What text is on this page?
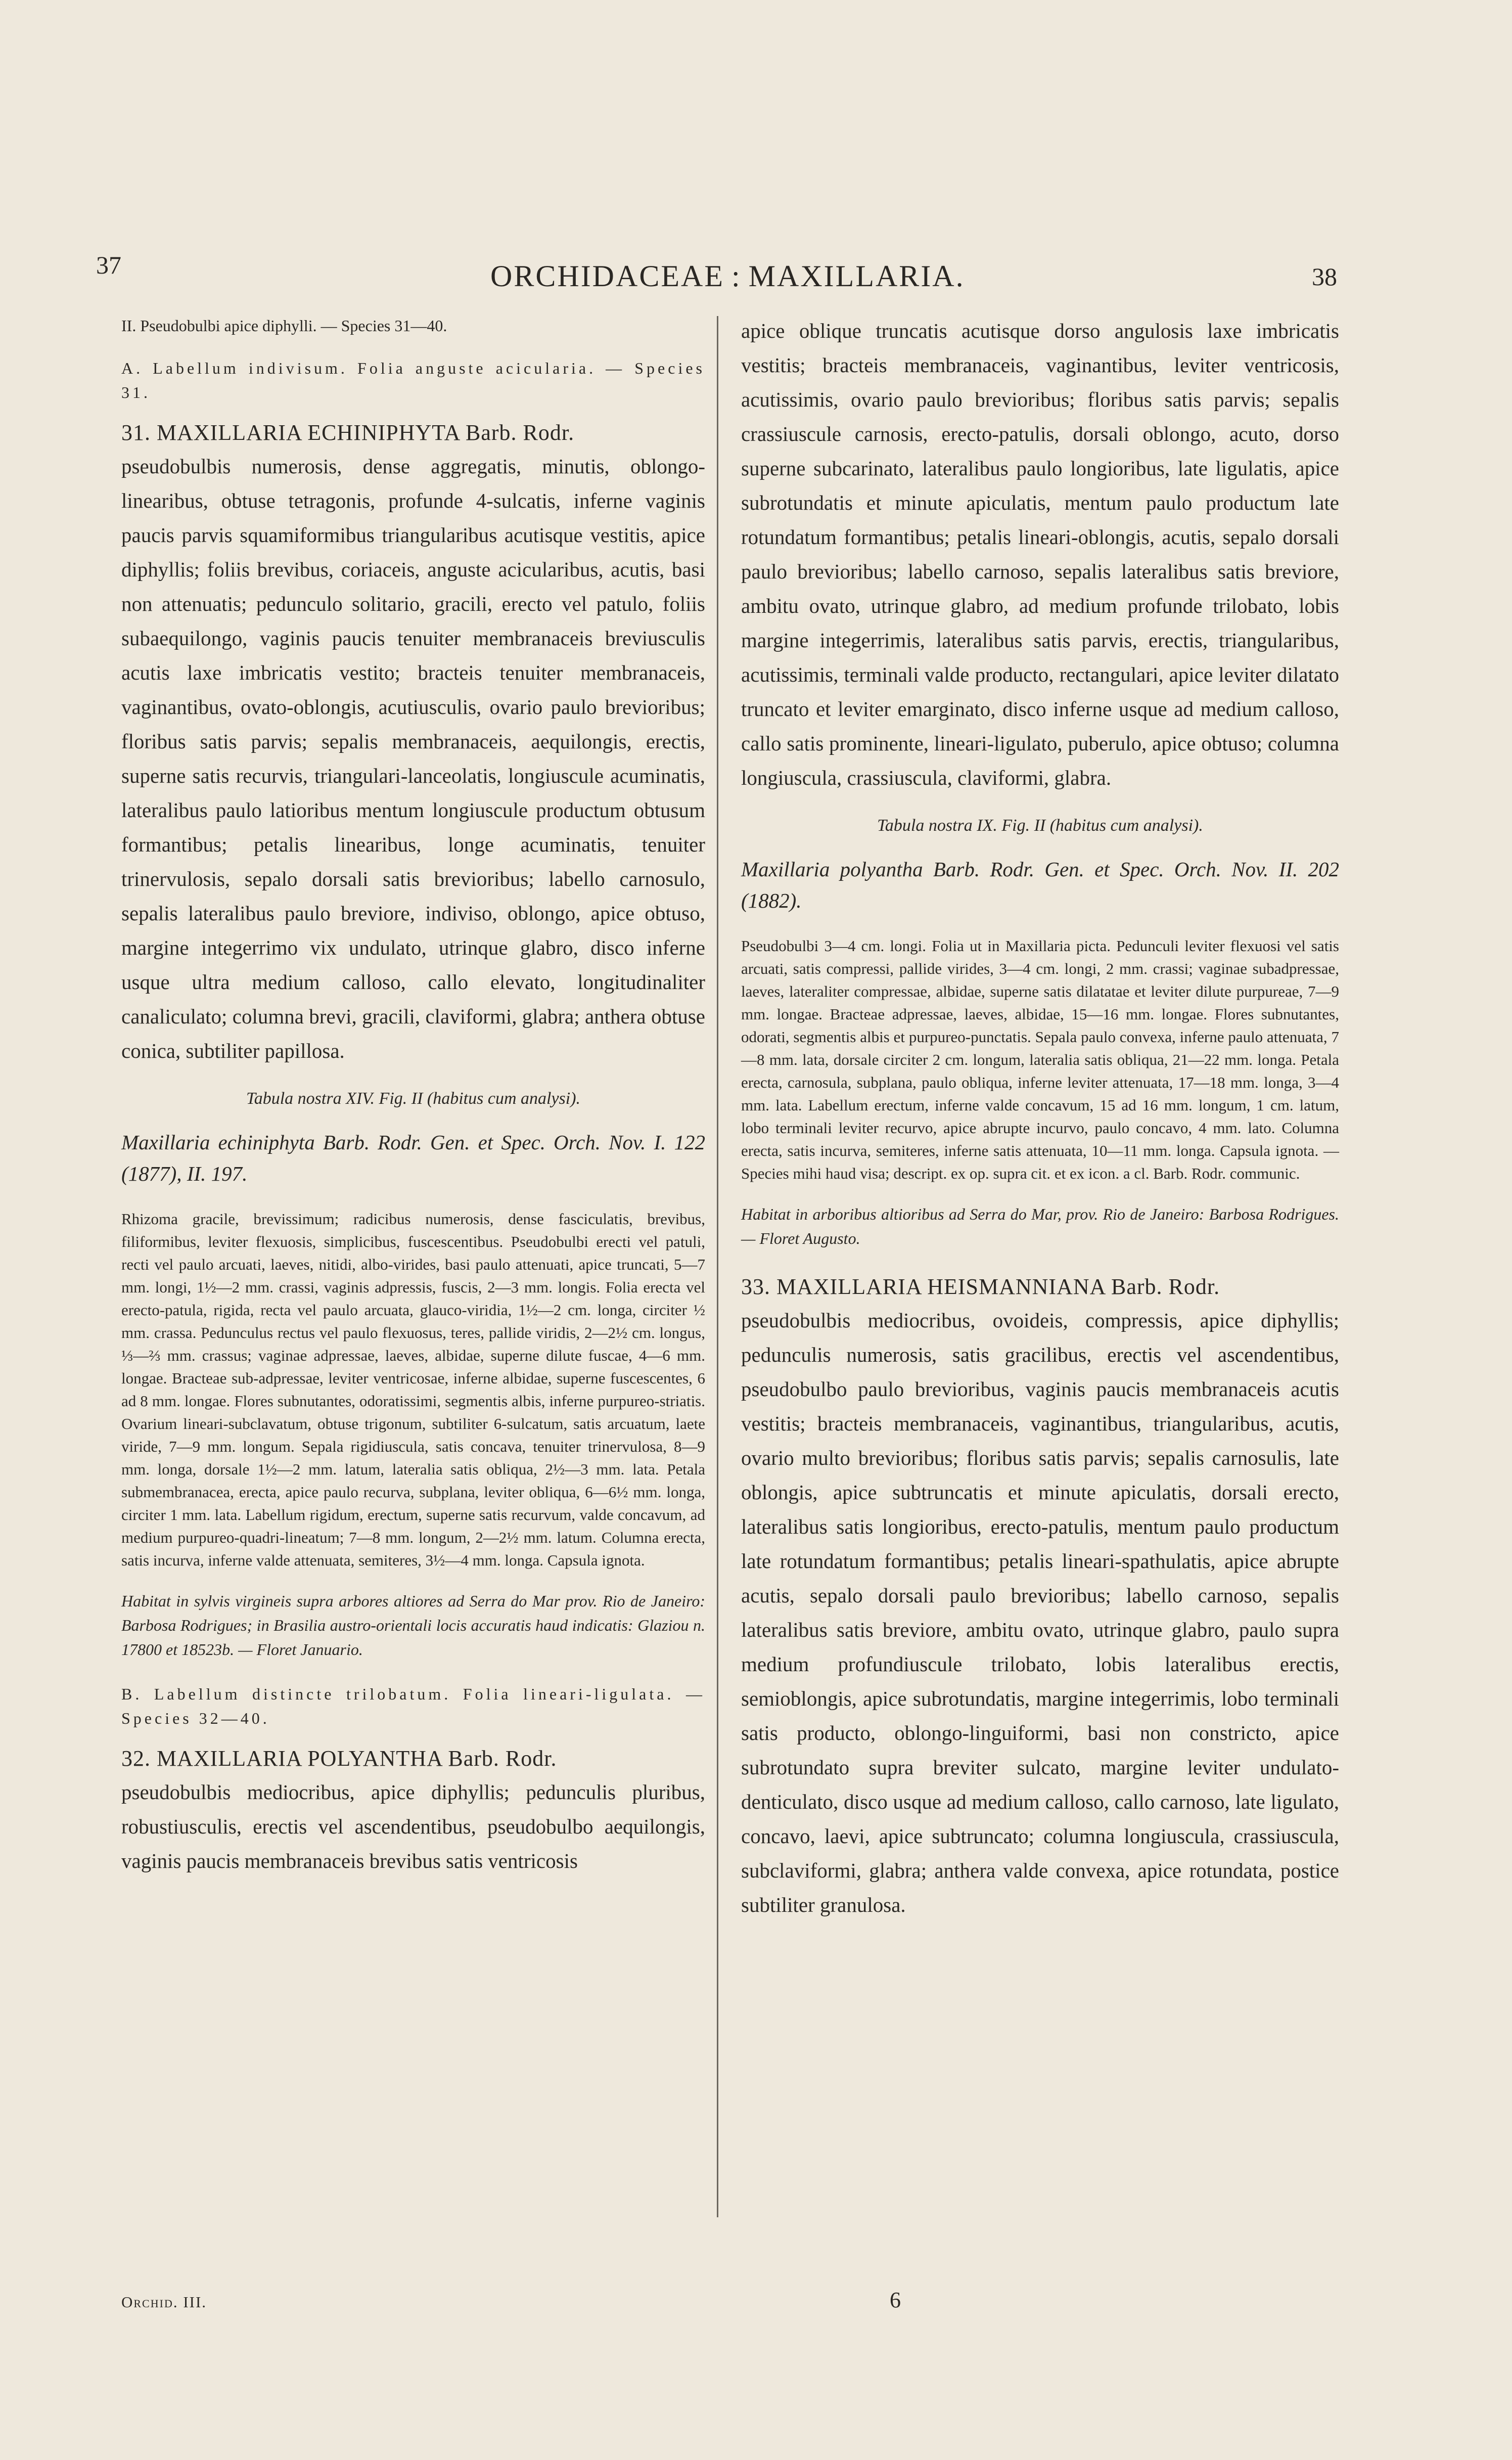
37	ORCHIDACEAE : MAXILLARIA.	38

II. Pseudobulbi apice diphylli. — Species 31—40.

A. Labellum indivisum. Folia anguste acicularia. — Species 31.

31. MAXILLARIA ECHINIPHYTA Barb. Rodr.

pseudobulbis numerosis, dense aggregatis, minutis, oblongo-linearibus, obtuse tetragonis, profunde 4-sulcatis, inferne vaginis paucis parvis squamiformibus triangularibus acutisque vestitis, apice diphyllis; foliis brevibus, coriaceis, anguste acicularibus, acutis, basi non attenuatis; pedunculo solitario, gracili, erecto vel patulo, foliis subaequilongo, vaginis paucis tenuiter membranaceis breviusculis acutis laxe imbricatis vestito; bracteis tenuiter membranaceis, vaginantibus, ovato-oblongis, acutiusculis, ovario paulo brevioribus; floribus satis parvis; sepalis membranaceis, aequilongis, erectis, superne satis recurvis, triangulari-lanceolatis, longiuscule acuminatis, lateralibus paulo latioribus mentum longiuscule productum obtusum formantibus; petalis linearibus, longe acuminatis, tenuiter trinervulosis, sepalo dorsali satis brevioribus; labello carnosulo, sepalis lateralibus paulo breviore, indiviso, oblongo, apice obtuso, margine integerrimo vix undulato, utrinque glabro, disco inferne usque ultra medium calloso, callo elevato, longitudinaliter canaliculato; columna brevi, gracili, claviformi, glabra; anthera obtuse conica, subtiliter papillosa.

Tabula nostra XIV. Fig. II (habitus cum analysi).

Maxillaria echiniphyta Barb. Rodr. Gen. et Spec. Orch. Nov. I. 122 (1877), II. 197.

Rhizoma gracile, brevissimum; radicibus numerosis, dense fasciculatis, brevibus, filiformibus, leviter flexuosis, simplicibus, fuscescentibus. Pseudobulbi erecti vel patuli, recti vel paulo arcuati, laeves, nitidi, albo-virides, basi paulo attenuati, apice truncati, 5—7 mm. longi, 1½—2 mm. crassi, vaginis adpressis, fuscis, 2—3 mm. longis. Folia erecta vel erecto-patula, rigida, recta vel paulo arcuata, glauco-viridia, 1½—2 cm. longa, circiter ½ mm. crassa. Pedunculus rectus vel paulo flexuosus, teres, pallide viridis, 2—2½ cm. longus, ⅓—⅔ mm. crassus; vaginae adpressae, laeves, albidae, superne dilute fuscae, 4—6 mm. longae. Bracteae sub-adpressae, leviter ventricosae, inferne albidae, superne fuscescentes, 6 ad 8 mm. longae. Flores subnutantes, odoratissimi, segmentis albis, inferne purpureo-striatis. Ovarium lineari-subclavatum, obtuse trigonum, subtiliter 6-sulcatum, satis arcuatum, laete viride, 7—9 mm. longum. Sepala rigidiuscula, satis concava, tenuiter trinervulosa, 8—9 mm. longa, dorsale 1½—2 mm. latum, lateralia satis obliqua, 2½—3 mm. lata. Petala submembranacea, erecta, apice paulo recurva, subplana, leviter obliqua, 6—6½ mm. longa, circiter 1 mm. lata. Labellum rigidum, erectum, superne satis recurvum, valde concavum, ad medium purpureo-quadri-lineatum; 7—8 mm. longum, 2—2½ mm. latum. Columna erecta, satis incurva, inferne valde attenuata, semiteres, 3½—4 mm. longa. Capsula ignota.

Habitat in sylvis virgineis supra arbores altiores ad Serra do Mar prov. Rio de Janeiro: Barbosa Rodrigues; in Brasilia austro-orientali locis accuratis haud indicatis: Glaziou n. 17800 et 18523b. — Floret Januario.

B. Labellum distincte trilobatum. Folia lineari-ligulata. — Species 32—40.

32. MAXILLARIA POLYANTHA Barb. Rodr.

pseudobulbis mediocribus, apice diphyllis; pedunculis pluribus, robustiusculis, erectis vel ascendentibus, pseudobulbo aequilongis, vaginis paucis membranaceis brevibus satis ventricosis

apice oblique truncatis acutisque dorso angulosis laxe imbricatis vestitis; bracteis membranaceis, vaginantibus, leviter ventricosis, acutissimis, ovario paulo brevioribus; floribus satis parvis; sepalis crassiuscule carnosis, erecto-patulis, dorsali oblongo, acuto, dorso superne subcarinato, lateralibus paulo longioribus, late ligulatis, apice subrotundatis et minute apiculatis, mentum paulo productum late rotundatum formantibus; petalis lineari-oblongis, acutis, sepalo dorsali paulo brevioribus; labello carnoso, sepalis lateralibus satis breviore, ambitu ovato, utrinque glabro, ad medium profunde trilobato, lobis margine integerrimis, lateralibus satis parvis, erectis, triangularibus, acutissimis, terminali valde producto, rectangulari, apice leviter dilatato truncato et leviter emarginato, disco inferne usque ad medium calloso, callo satis prominente, lineari-ligulato, puberulo, apice obtuso; columna longiuscula, crassiuscula, claviformi, glabra.

Tabula nostra IX. Fig. II (habitus cum analysi).

Maxillaria polyantha Barb. Rodr. Gen. et Spec. Orch. Nov. II. 202 (1882).

Pseudobulbi 3—4 cm. longi. Folia ut in Maxillaria picta. Pedunculi leviter flexuosi vel satis arcuati, satis compressi, pallide virides, 3—4 cm. longi, 2 mm. crassi; vaginae subadpressae, laeves, lateraliter compressae, albidae, superne satis dilatatae et leviter dilute purpureae, 7—9 mm. longae. Bracteae adpressae, laeves, albidae, 15—16 mm. longae. Flores subnutantes, odorati, segmentis albis et purpureo-punctatis. Sepala paulo convexa, inferne paulo attenuata, 7—8 mm. lata, dorsale circiter 2 cm. longum, lateralia satis obliqua, 21—22 mm. longa. Petala erecta, carnosula, subplana, paulo obliqua, inferne leviter attenuata, 17—18 mm. longa, 3—4 mm. lata. Labellum erectum, inferne valde concavum, 15 ad 16 mm. longum, 1 cm. latum, lobo terminali leviter recurvo, apice abrupte incurvo, paulo concavo, 4 mm. lato. Columna erecta, satis incurva, semiteres, inferne satis attenuata, 10—11 mm. longa. Capsula ignota. — Species mihi haud visa; descript. ex op. supra cit. et ex icon. a cl. Barb. Rodr. communic.

Habitat in arboribus altioribus ad Serra do Mar, prov. Rio de Janeiro: Barbosa Rodrigues. — Floret Augusto.

33. MAXILLARIA HEISMANNIANA Barb. Rodr.

pseudobulbis mediocribus, ovoideis, compressis, apice diphyllis; pedunculis numerosis, satis gracilibus, erectis vel ascendentibus, pseudobulbo paulo brevioribus, vaginis paucis membranaceis acutis vestitis; bracteis membranaceis, vaginantibus, triangularibus, acutis, ovario multo brevioribus; floribus satis parvis; sepalis carnosulis, late oblongis, apice subtruncatis et minute apiculatis, dorsali erecto, lateralibus satis longioribus, erecto-patulis, mentum paulo productum late rotundatum formantibus; petalis lineari-spathulatis, apice abrupte acutis, sepalo dorsali paulo brevioribus; labello carnoso, sepalis lateralibus satis breviore, ambitu ovato, utrinque glabro, paulo supra medium profundiuscule trilobato, lobis lateralibus erectis, semioblongis, apice subrotundatis, margine integerrimis, lobo terminali satis producto, oblongo-linguiformi, basi non constricto, apice subrotundato supra breviter sulcato, margine leviter undulato-denticulato, disco usque ad medium calloso, callo carnoso, late ligulato, concavo, laevi, apice subtruncato; columna longiuscula, crassiuscula, subclaviformi, glabra; anthera valde convexa, apice rotundata, postice subtiliter granulosa.

Orchid. III.	6
